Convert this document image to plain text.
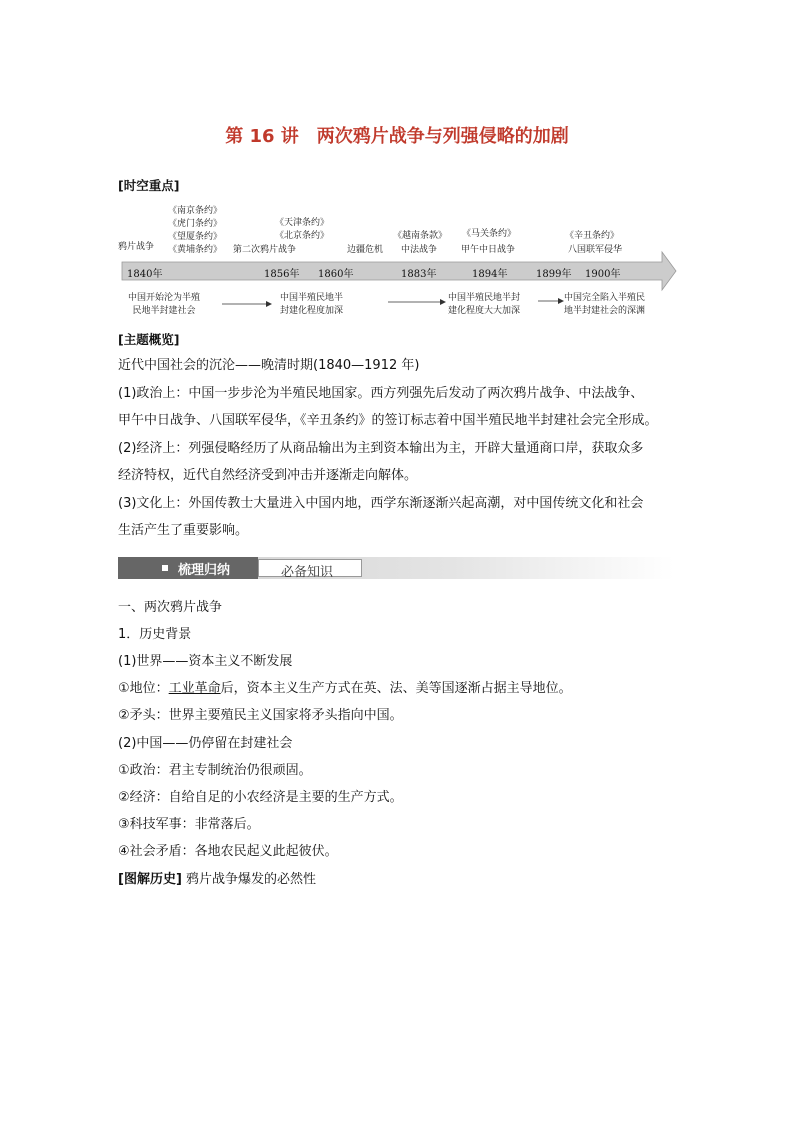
第 16 讲　两次鸦片战争与列强侵略的加剧
[时空重点]
《南京条约》
《虎门条约》
《望厦条约》
《黄埔条约》
鸦片战争
《天津条约》
《北京条约》
第二次鸦片战争	边疆危机
《越南条款》
中法战争
《马关条约》
甲午中日战争
《辛丑条约》
八国联军侵华
1840年	1856年 1860年	1883年	1894年	1899年 1900年
中国开始沦为半殖
民地半封建社会
中国半殖民地半
封建化程度加深
中国半殖民地半封
建化程度大大加深
中国完全陷入半殖民
地半封建社会的深渊
[主题概览]
近代中国社会的沉沦——晚清时期(1840—1912 年)
(1)政治上：中国一步步沦为半殖民地国家。西方列强先后发动了两次鸦片战争、中法战争、
甲午中日战争、八国联军侵华，《辛丑条约》的签订标志着中国半殖民地半封建社会完全形成。
(2)经济上：列强侵略经历了从商品输出为主到资本输出为主，开辟大量通商口岸，获取众多
经济特权，近代自然经济受到冲击并逐渐走向解体。
(3)文化上：外国传教士大量进入中国内地，西学东渐逐渐兴起高潮，对中国传统文化和社会
生活产生了重要影响。
梳理归纳	必备知识
一、两次鸦片战争
1．历史背景
(1)世界——资本主义不断发展
①地位：工业革命后，资本主义生产方式在英、法、美等国逐渐占据主导地位。
②矛头：世界主要殖民主义国家将矛头指向中国。
(2)中国——仍停留在封建社会
①政治：君主专制统治仍很顽固。
②经济：自给自足的小农经济是主要的生产方式。
③科技军事：非常落后。
④社会矛盾：各地农民起义此起彼伏。
[图解历史] 鸦片战争爆发的必然性
